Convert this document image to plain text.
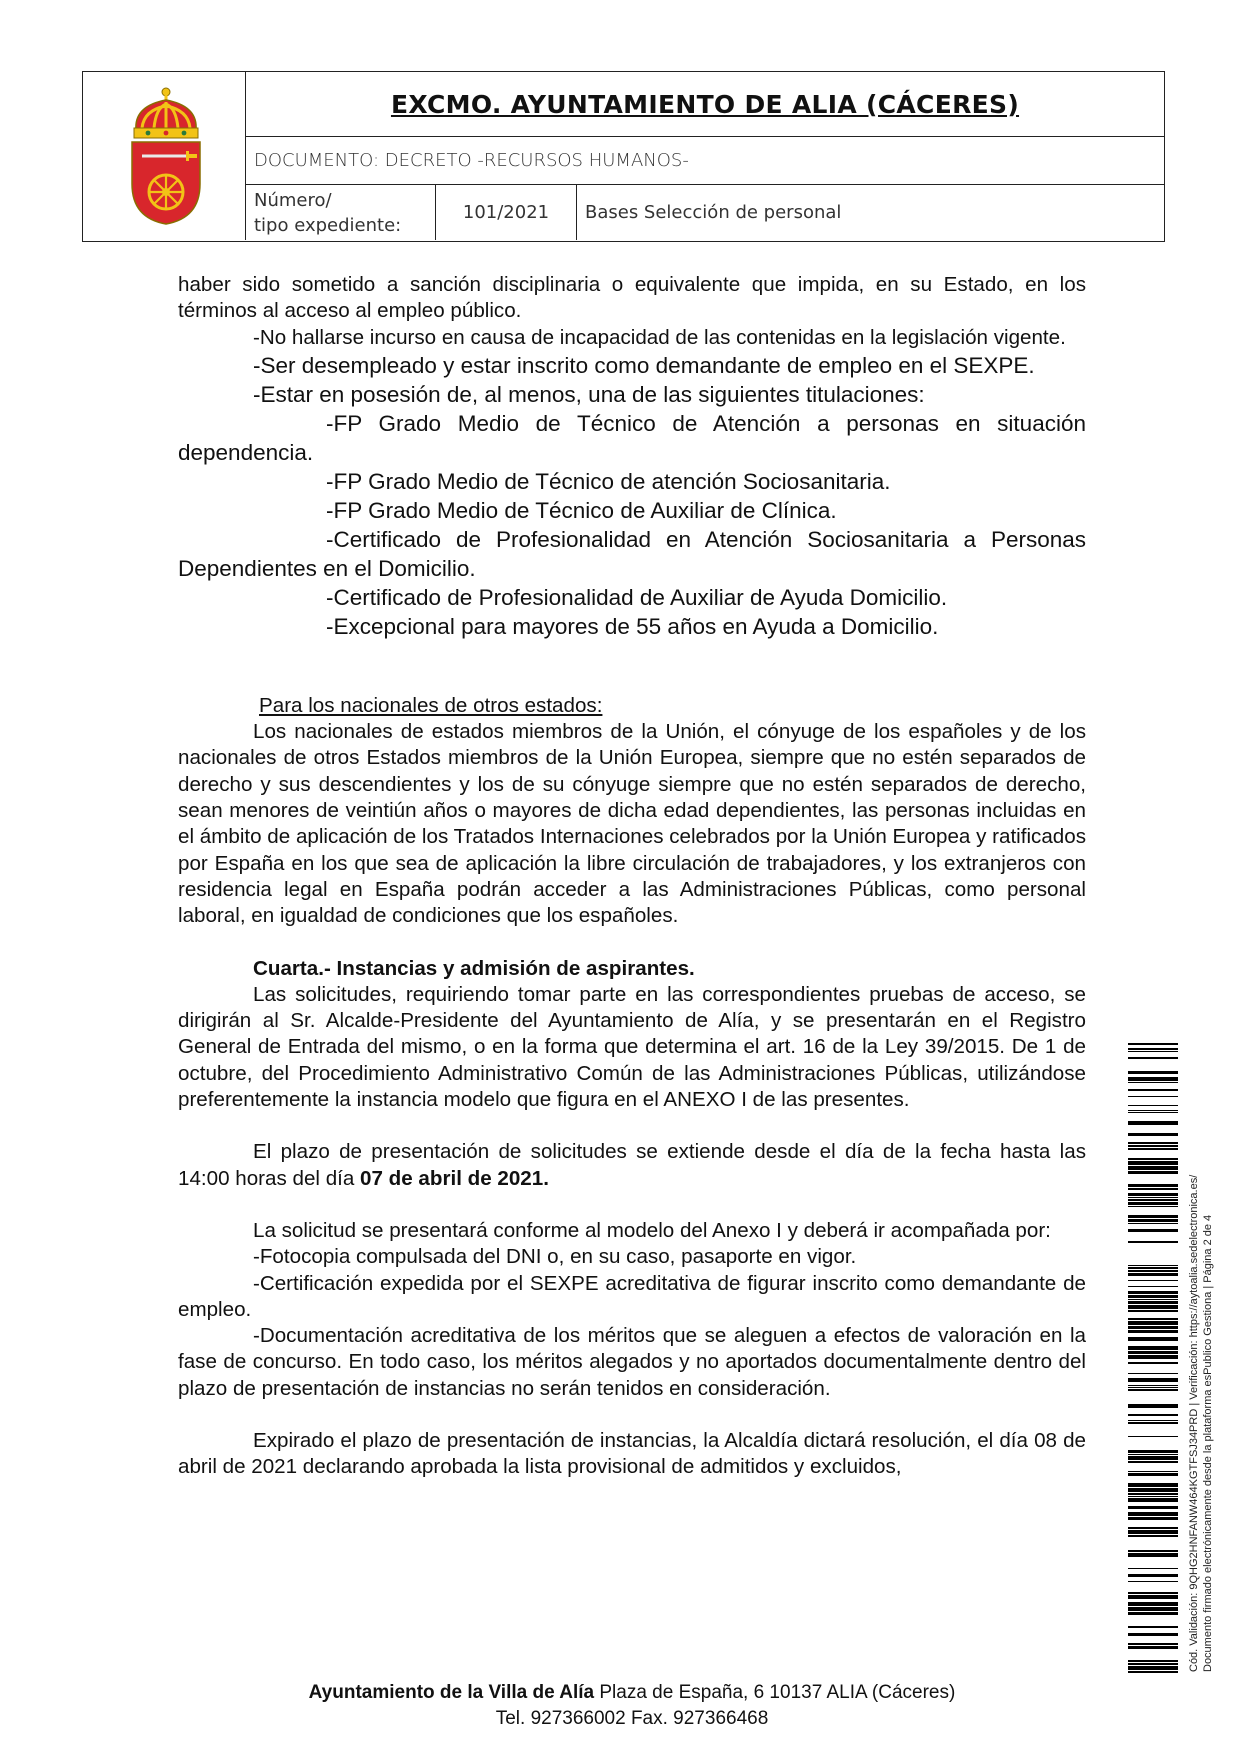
EXCMO. AYUNTAMIENTO DE ALIA (CÁCERES)
DOCUMENTO: DECRETO -RECURSOS HUMANOS-
Número/
tipo expediente:
101/2021	Bases Selección de personal

haber sido sometido a sanción disciplinaria o equivalente que impida, en su Estado, en los términos al acceso al empleo público.

-No hallarse incurso en causa de incapacidad de las contenidas en la legislación vigente.

-Ser desempleado y estar inscrito como demandante de empleo en el SEXPE.

-Estar en posesión de, al menos, una de las siguientes titulaciones:

-FP Grado Medio de Técnico de Atención a personas en situación dependencia.

-FP Grado Medio de Técnico de atención Sociosanitaria.

-FP Grado Medio de Técnico de Auxiliar de Clínica.

-Certificado de Profesionalidad en Atención Sociosanitaria a Personas Dependientes en el Domicilio.

-Certificado de Profesionalidad de Auxiliar de Ayuda Domicilio.

-Excepcional para mayores de 55 años en Ayuda a Domicilio.

Para los nacionales de otros estados:

Los nacionales de estados miembros de la Unión, el cónyuge de los españoles y de los nacionales de otros Estados miembros de la Unión Europea, siempre que no estén separados de derecho y sus descendientes y los de su cónyuge siempre que no estén separados de derecho, sean menores de veintiún años o mayores de dicha edad dependientes, las personas incluidas en el ámbito de aplicación de los Tratados Internaciones celebrados por la Unión Europea y ratificados por España en los que sea de aplicación la libre circulación de trabajadores, y los extranjeros con residencia legal en España podrán acceder a las Administraciones Públicas, como personal laboral, en igualdad de condiciones que los españoles.

Cuarta.- Instancias y admisión de aspirantes.

Las solicitudes, requiriendo tomar parte en las correspondientes pruebas de acceso, se dirigirán al Sr. Alcalde-Presidente del Ayuntamiento de Alía, y se presentarán en el Registro General de Entrada del mismo, o en la forma que determina el art. 16 de la Ley 39/2015. De 1 de octubre, del Procedimiento Administrativo Común de las Administraciones Públicas, utilizándose preferentemente la instancia modelo que figura en el ANEXO I de las presentes.

El plazo de presentación de solicitudes se extiende desde el día de la fecha hasta las 14:00 horas del día 07 de abril de 2021.

La solicitud se presentará conforme al modelo del Anexo I y deberá ir acompañada por:

-Fotocopia compulsada del DNI o, en su caso, pasaporte en vigor.

-Certificación expedida por el SEXPE acreditativa de figurar inscrito como demandante de empleo.

-Documentación acreditativa de los méritos que se aleguen a efectos de valoración en la fase de concurso. En todo caso, los méritos alegados y no aportados documentalmente dentro del plazo de presentación de instancias no serán tenidos en consideración.

Expirado el plazo de presentación de instancias, la Alcaldía dictará resolución, el día 08 de abril de 2021 declarando aprobada la lista provisional de admitidos y excluidos,

Ayuntamiento de la Villa de Alía Plaza de España, 6 10137 ALIA (Cáceres)
Tel. 927366002 Fax. 927366468
Cód. Validación: 9QHG2HNFANW464KGTFSJ34PRD | Verificación: https://aytoalia.sedelectronica.es/ Documento firmado electrónicamente desde la plataforma esPublico Gestiona | Página 2 de 4
